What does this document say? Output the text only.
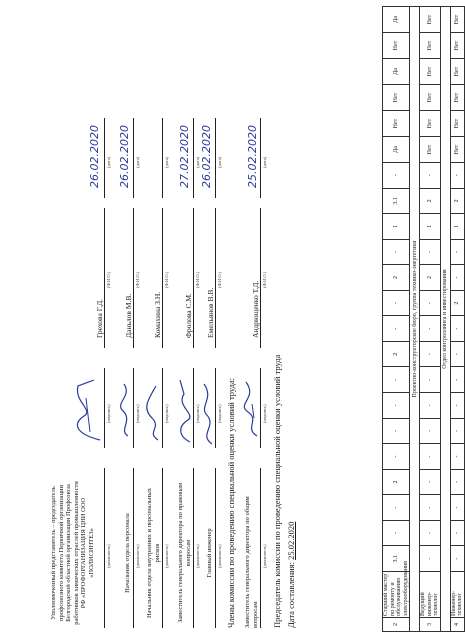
2	Старший мастер по ремонту и обслуживанию электрооборудования	3.1	-	-	2	-	-	-	-	2	-	-	2	-	1	3.1	-	Да	Нет	Нет	Да	Нет	Да
Проектно-конструкторское бюро, группа технико-энергетики																							
3	Ведущий инженер-технолог	-	-	-	-	-	-	-	-	-	-	-	2	-	1	2	-	Нет	Нет	Нет	Нет	Нет	Нет
Отдел контроллинга и инвестирования																							
4	Инженер-технолог	-	-	-	-	-	-	-	-	-	-	2	-	-	1	2	-	Нет	Нет	Нет	Нет	Нет	Нет
Дата составления: 25.02.2020
Председатель комиссии по проведению специальной оценки условий труда
Заместитель генерального директора по общим вопросам
(должность)
(подпись)
Андрющенко Т.Д.
(Ф.И.О.)
25.02.2020 (дата)
Члены комиссии по проведению специальной оценки условий труда:
Главный инженер (должность)
(подпись)
Емельянов В.В.
(Ф.И.О.)
26.02.2020 (дата)
Заместитель генерального директора по правовым вопросам (должность)
(подпись)
Фролова С.М.
(Ф.И.О.)
27.02.2020 (дата)
Начальник отдела внутренних и персональных рисков (должность)
(подпись)
Комахина З.Н.
(Ф.И.О.)
(дата)
Начальник отдела персонала (должность)
(подпись)
Даньлов М.В.
(Ф.И.О.)
26.02.2020 (дата)
Уполномоченный представитель – председатель профсоюзного комитета Первичной организации Белгородской областной организации Профсоюза работников химических отраслей промышленности РФ «ПРОФОРГАНИЗАЦИЯ ЦНИ ООО «ПОЛИСИНТЕЗ»	(должность)
(подпись)
Грехова Г.Д.
(Ф.И.О.)
26.02.2020 (дата)
